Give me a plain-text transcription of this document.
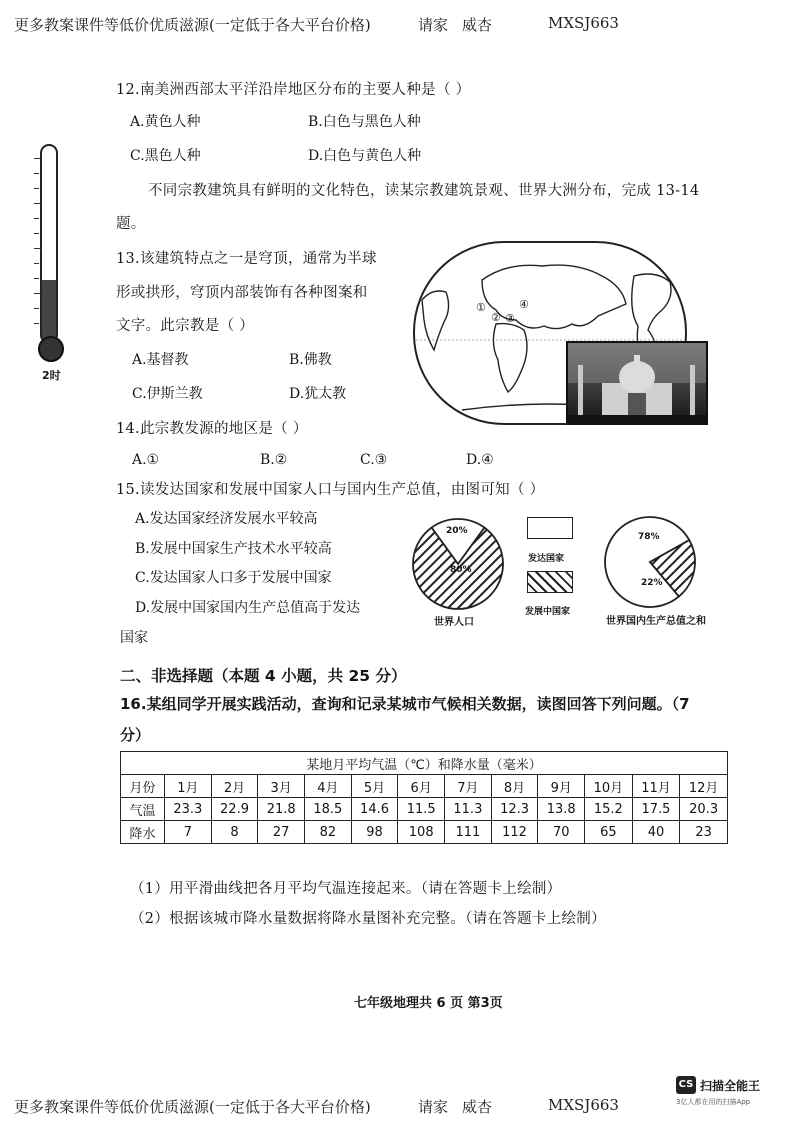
更多教案课件等低价优质滋源(一定低于各大平台价格)	请家 威杏	MXSJ663
2时
12.南美洲西部太平洋沿岸地区分布的主要人种是（ ）
A.黄色人种	B.白色与黑色人种
C.黑色人种	D.白色与黄色人种
不同宗教建筑具有鲜明的文化特色，读某宗教建筑景观、世界大洲分布，完成 13-14
题。
13.该建筑特点之一是穹顶，通常为半球
形或拱形，穹顶内部装饰有各种图案和
文字。此宗教是（ ）
A.基督教	B.佛教
C.伊斯兰教	D.犹太教
①
② ③
④
14.此宗教发源的地区是（ ）
A.①	B.②	C.③	D.④
15.读发达国家和发展中国家人口与国内生产总值，由图可知（ ）
A.发达国家经济发展水平较高
B.发展中国家生产技术水平较高
C.发达国家人口多于发展中国家
D.发展中国家国内生产总值高于发达
国家
20%
80%
世界人口
78%
22%
世界国内生产总值之和
发达国家
发展中国家
二、非选择题（本题 4 小题，共 25 分）
16.某组同学开展实践活动，查询和记录某城市气候相关数据，读图回答下列问题。（7
分）
某地月平均气温（℃）和降水量（毫米）												
月份	1月	2月	3月	4月	5月	6月	7月	8月	9月	10月	11月	12月
气温	23.3	22.9	21.8	18.5	14.6	11.5	11.3	12.3	13.8	15.2	17.5	20.3
降水	7	8	27	82	98	108	111	112	70	65	40	23
（1）用平滑曲线把各月平均气温连接起来。（请在答题卡上绘制）
（2）根据该城市降水量数据将降水量图补充完整。（请在答题卡上绘制）
七年级地理共 6 页 第3页
更多教案课件等低价优质滋源(一定低于各大平台价格)	请家 威杏	MXSJ663
CS 扫描全能王
3亿人都在用的扫描App
